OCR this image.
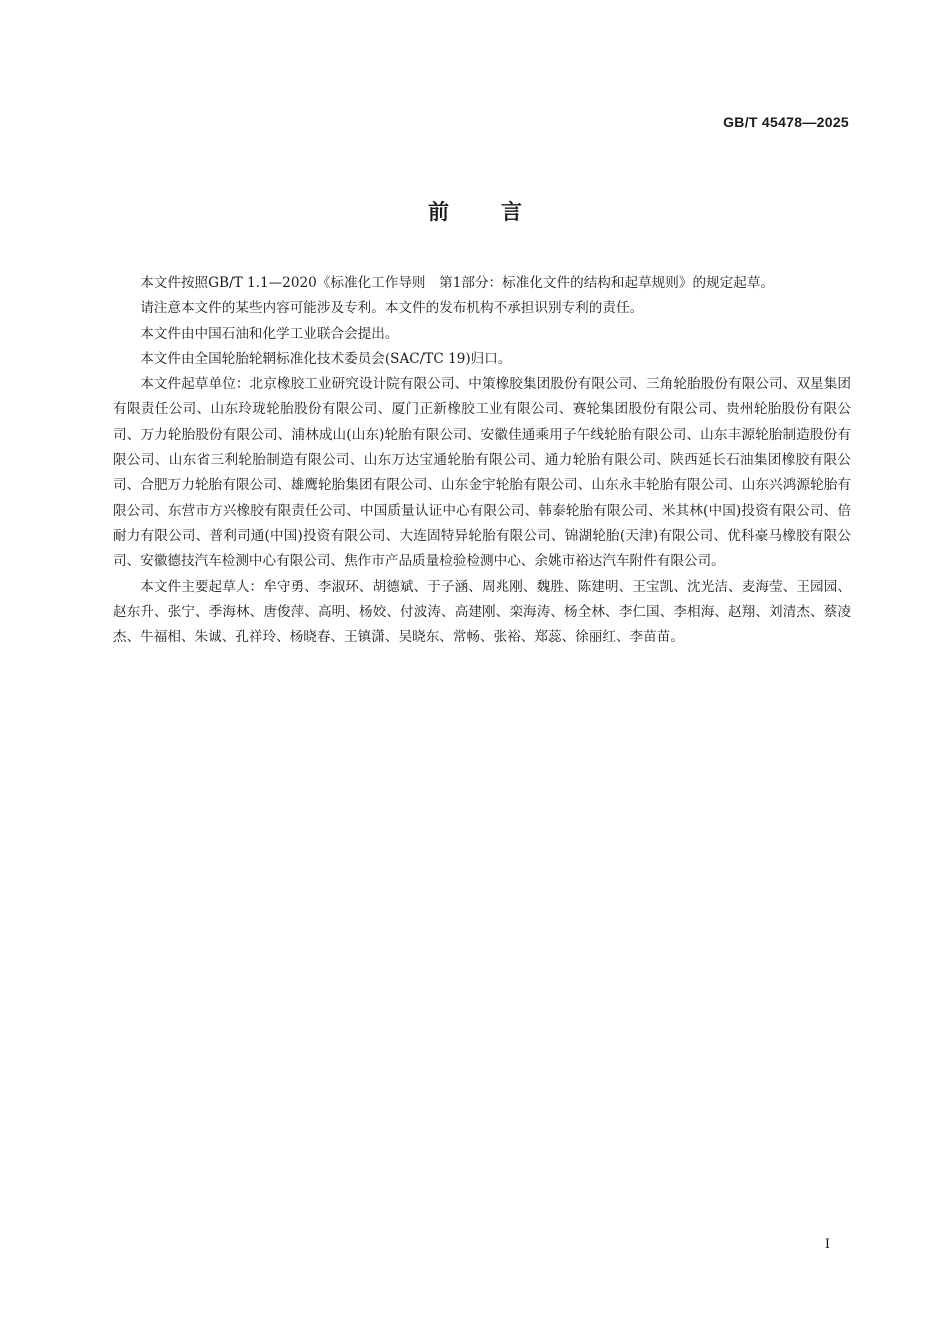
GB/T 45478—2025
前言

本文件按照GB/T 1.1—2020《标准化工作导则　第1部分：标准化文件的结构和起草规则》的规定起草。

请注意本文件的某些内容可能涉及专利。本文件的发布机构不承担识别专利的责任。

本文件由中国石油和化学工业联合会提出。

本文件由全国轮胎轮辋标准化技术委员会(SAC/TC 19)归口。

本文件起草单位：北京橡胶工业研究设计院有限公司、中策橡胶集团股份有限公司、三角轮胎股份有限公司、双星集团有限责任公司、山东玲珑轮胎股份有限公司、厦门正新橡胶工业有限公司、赛轮集团股份有限公司、贵州轮胎股份有限公司、万力轮胎股份有限公司、浦林成山(山东)轮胎有限公司、安徽佳通乘用子午线轮胎有限公司、山东丰源轮胎制造股份有限公司、山东省三利轮胎制造有限公司、山东万达宝通轮胎有限公司、通力轮胎有限公司、陕西延长石油集团橡胶有限公司、合肥万力轮胎有限公司、雄鹰轮胎集团有限公司、山东金宇轮胎有限公司、山东永丰轮胎有限公司、山东兴鸿源轮胎有限公司、东营市方兴橡胶有限责任公司、中国质量认证中心有限公司、韩泰轮胎有限公司、米其林(中国)投资有限公司、倍耐力有限公司、普利司通(中国)投资有限公司、大连固特异轮胎有限公司、锦湖轮胎(天津)有限公司、优科豪马橡胶有限公司、安徽德技汽车检测中心有限公司、焦作市产品质量检验检测中心、余姚市裕达汽车附件有限公司。

本文件主要起草人：牟守勇、李淑环、胡德斌、于子涵、周兆刚、魏胜、陈建明、王宝凯、沈光洁、麦海莹、王园园、赵东升、张宁、季海林、唐俊萍、高明、杨姣、付波涛、高建刚、栾海涛、杨全林、李仁国、李相海、赵翔、刘清杰、蔡凌杰、牛福相、朱诚、孔祥玲、杨晓春、王镇潇、吴晓东、常畅、张裕、郑蕊、徐丽红、李苗苗。

I
